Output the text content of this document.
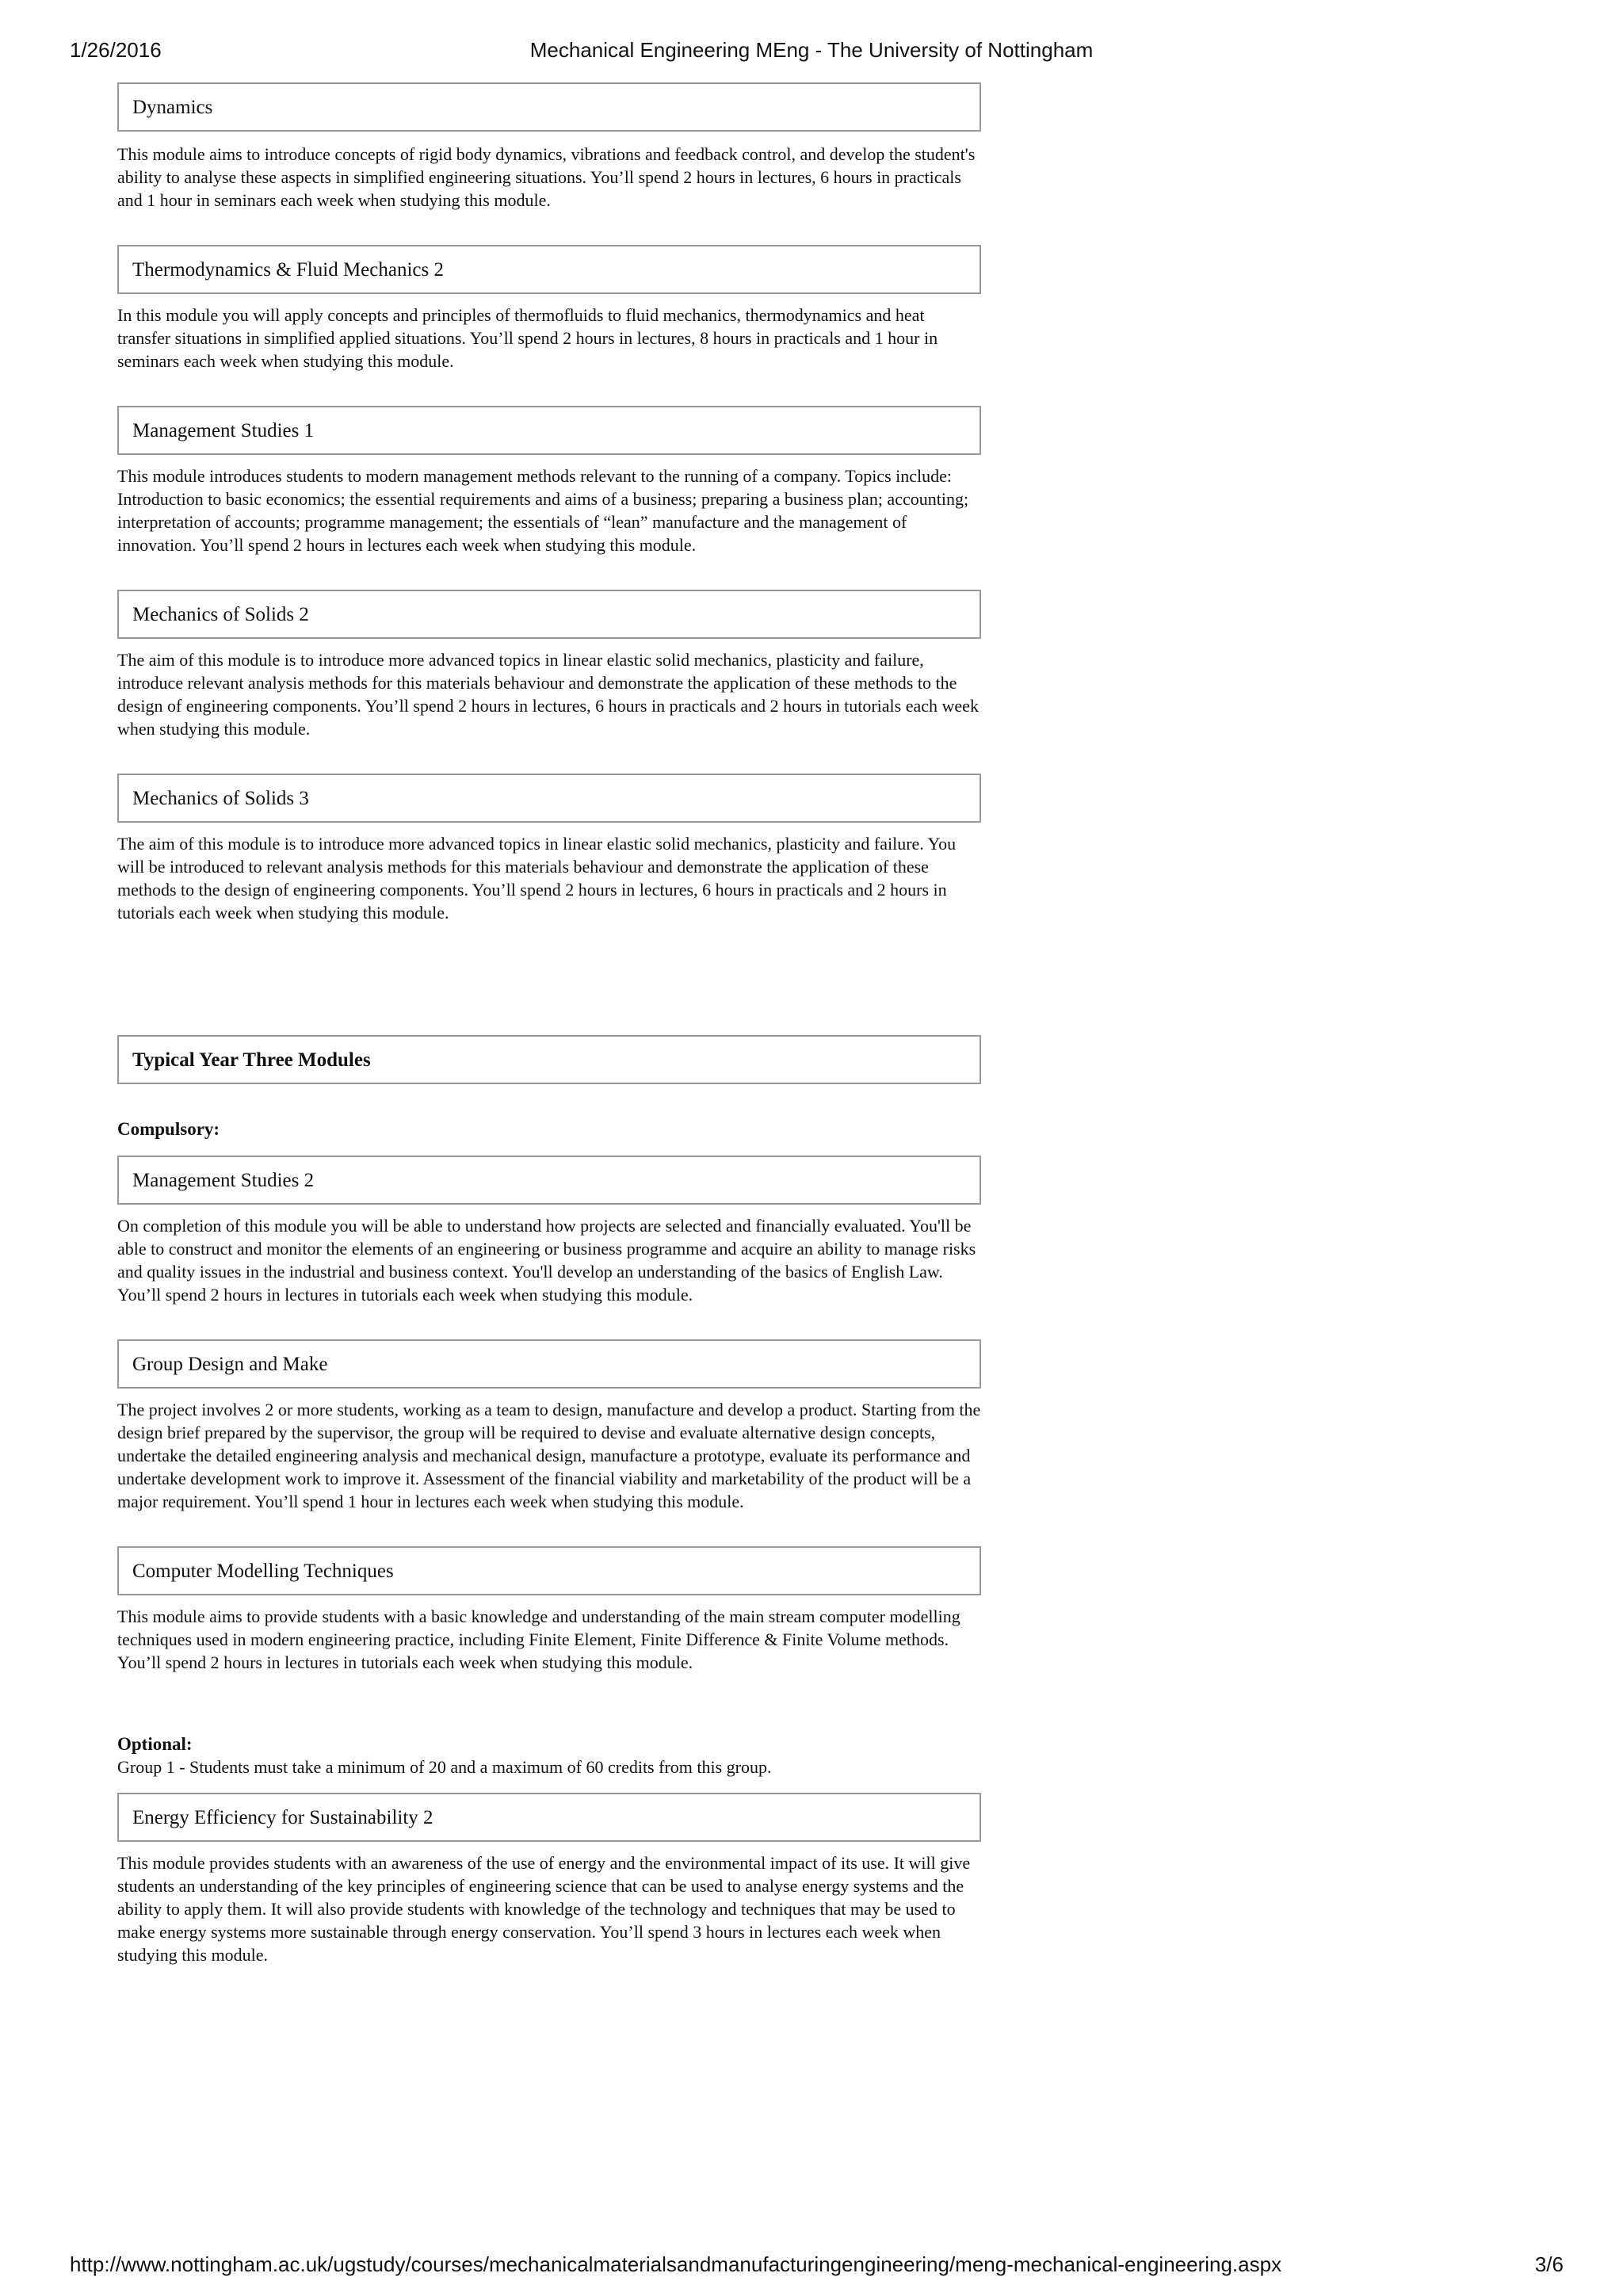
1/26/2016	Mechanical Engineering MEng - The University of Nottingham
Dynamics

This module aims to introduce concepts of rigid body dynamics, vibrations and feedback control, and develop the student's ability to analyse these aspects in simplified engineering situations. You’ll spend 2 hours in lectures, 6 hours in practicals and 1 hour in seminars each week when studying this module.

Thermodynamics & Fluid Mechanics 2

In this module you will apply concepts and principles of thermofluids to fluid mechanics, thermodynamics and heat transfer situations in simplified applied situations. You’ll spend 2 hours in lectures, 8 hours in practicals and 1 hour in seminars each week when studying this module.

Management Studies 1

This module introduces students to modern management methods relevant to the running of a company. Topics include: Introduction to basic economics; the essential requirements and aims of a business; preparing a business plan; accounting; interpretation of accounts; programme management; the essentials of “lean” manufacture and the management of innovation. You’ll spend 2 hours in lectures each week when studying this module.

Mechanics of Solids 2

The aim of this module is to introduce more advanced topics in linear elastic solid mechanics, plasticity and failure, introduce relevant analysis methods for this materials behaviour and demonstrate the application of these methods to the design of engineering components. You’ll spend 2 hours in lectures, 6 hours in practicals and 2 hours in tutorials each week when studying this module.

Mechanics of Solids 3

The aim of this module is to introduce more advanced topics in linear elastic solid mechanics, plasticity and failure. You will be introduced to relevant analysis methods for this materials behaviour and demonstrate the application of these methods to the design of engineering components. You’ll spend 2 hours in lectures, 6 hours in practicals and 2 hours in tutorials each week when studying this module.

Typical Year Three Modules

Compulsory:

Management Studies 2

On completion of this module you will be able to understand how projects are selected and financially evaluated. You'll be able to construct and monitor the elements of an engineering or business programme and acquire an ability to manage risks and quality issues in the industrial and business context. You'll develop an understanding of the basics of English Law. You’ll spend 2 hours in lectures in tutorials each week when studying this module.

Group Design and Make

The project involves 2 or more students, working as a team to design, manufacture and develop a product. Starting from the design brief prepared by the supervisor, the group will be required to devise and evaluate alternative design concepts, undertake the detailed engineering analysis and mechanical design, manufacture a prototype, evaluate its performance and undertake development work to improve it. Assessment of the financial viability and marketability of the product will be a major requirement. You’ll spend 1 hour in lectures each week when studying this module.

Computer Modelling Techniques

This module aims to provide students with a basic knowledge and understanding of the main stream computer modelling techniques used in modern engineering practice, including Finite Element, Finite Difference & Finite Volume methods. You’ll spend 2 hours in lectures in tutorials each week when studying this module.

Optional:

Group 1 - Students must take a minimum of 20 and a maximum of 60 credits from this group.

Energy Efficiency for Sustainability 2

This module provides students with an awareness of the use of energy and the environmental impact of its use. It will give students an understanding of the key principles of engineering science that can be used to analyse energy systems and the ability to apply them. It will also provide students with knowledge of the technology and techniques that may be used to make energy systems more sustainable through energy conservation. You’ll spend 3 hours in lectures each week when studying this module.

http://www.nottingham.ac.uk/ugstudy/courses/mechanicalmaterialsandmanufacturingengineering/meng-mechanical-engineering.aspx	3/6
